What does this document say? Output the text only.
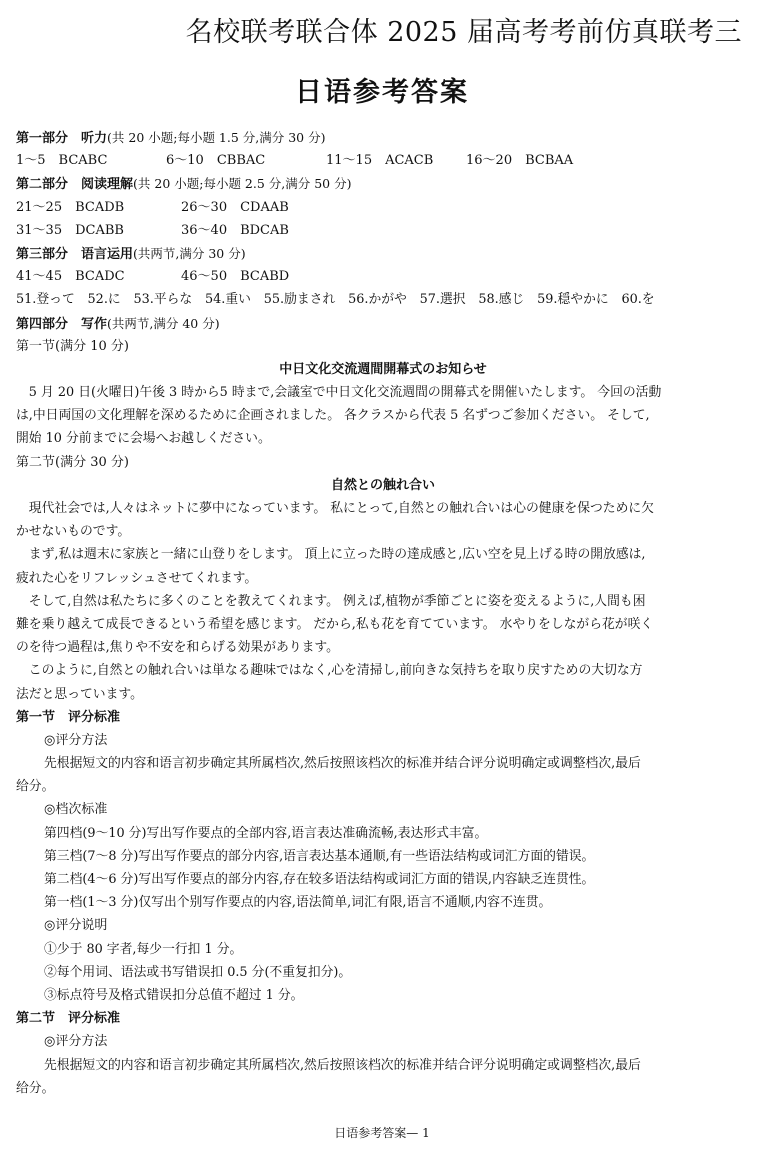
名校联考联合体 2025 届高考考前仿真联考三
日语参考答案
第一部分　听力(共 20 小题;每小题 1.5 分,满分 30 分)
1～5　BCABC	6～10　CBBAC	11～15　ACACB	16～20　BCBAA
第二部分　阅读理解(共 20 小题;每小题 2.5 分,满分 50 分)
21～25　BCADB	26～30　CDAAB
31～35　DCABB	36～40　BDCAB
第三部分　语言运用(共两节,满分 30 分)
41～45　BCADC	46～50　BCABD
51.登って　52.に　53.平らな　54.重い　55.励まされ　56.かがや　57.選択　58.感じ　59.穏やかに　60.を
第四部分　写作(共两节,满分 40 分)
第一节(满分 10 分)
中日文化交流週間開幕式のお知らせ
　5 月 20 日(火曜日)午後 3 時から5 時まで,会議室で中日文化交流週間の開幕式を開催いたします。 今回の活動
は,中日両国の文化理解を深めるために企画されました。 各クラスから代表 5 名ずつご参加ください。 そして,
開始 10 分前までに会場へお越しください。
第二节(满分 30 分)
自然との触れ合い
　現代社会では,人々はネットに夢中になっています。 私にとって,自然との触れ合いは心の健康を保つために欠
かせないものです。
　まず,私は週末に家族と一緒に山登りをします。 頂上に立った時の達成感と,広い空を見上げる時の開放感は,
疲れた心をリフレッシュさせてくれます。
　そして,自然は私たちに多くのことを教えてくれます。 例えば,植物が季節ごとに姿を変えるように,人間も困
難を乗り越えて成長できるという希望を感じます。 だから,私も花を育てています。 水やりをしながら花が咲く
のを待つ過程は,焦りや不安を和らげる効果があります。
　このように,自然との触れ合いは単なる趣味ではなく,心を清掃し,前向きな気持ちを取り戻すための大切な方
法だと思っています。
第一节　评分标准
◎评分方法
先根据短文的内容和语言初步确定其所属档次,然后按照该档次的标准并结合评分说明确定或调整档次,最后
给分。
◎档次标准
第四档(9～10 分)写出写作要点的全部内容,语言表达准确流畅,表达形式丰富。
第三档(7～8 分)写出写作要点的部分内容,语言表达基本通顺,有一些语法结构或词汇方面的错误。
第二档(4～6 分)写出写作要点的部分内容,存在较多语法结构或词汇方面的错误,内容缺乏连贯性。
第一档(1～3 分)仅写出个别写作要点的内容,语法简单,词汇有限,语言不通顺,内容不连贯。
◎评分说明
①少于 80 字者,每少一行扣 1 分。
②每个用词、语法或书写错误扣 0.5 分(不重复扣分)。
③标点符号及格式错误扣分总值不超过 1 分。
第二节　评分标准
◎评分方法
先根据短文的内容和语言初步确定其所属档次,然后按照该档次的标准并结合评分说明确定或调整档次,最后
给分。
日语参考答案— 1
